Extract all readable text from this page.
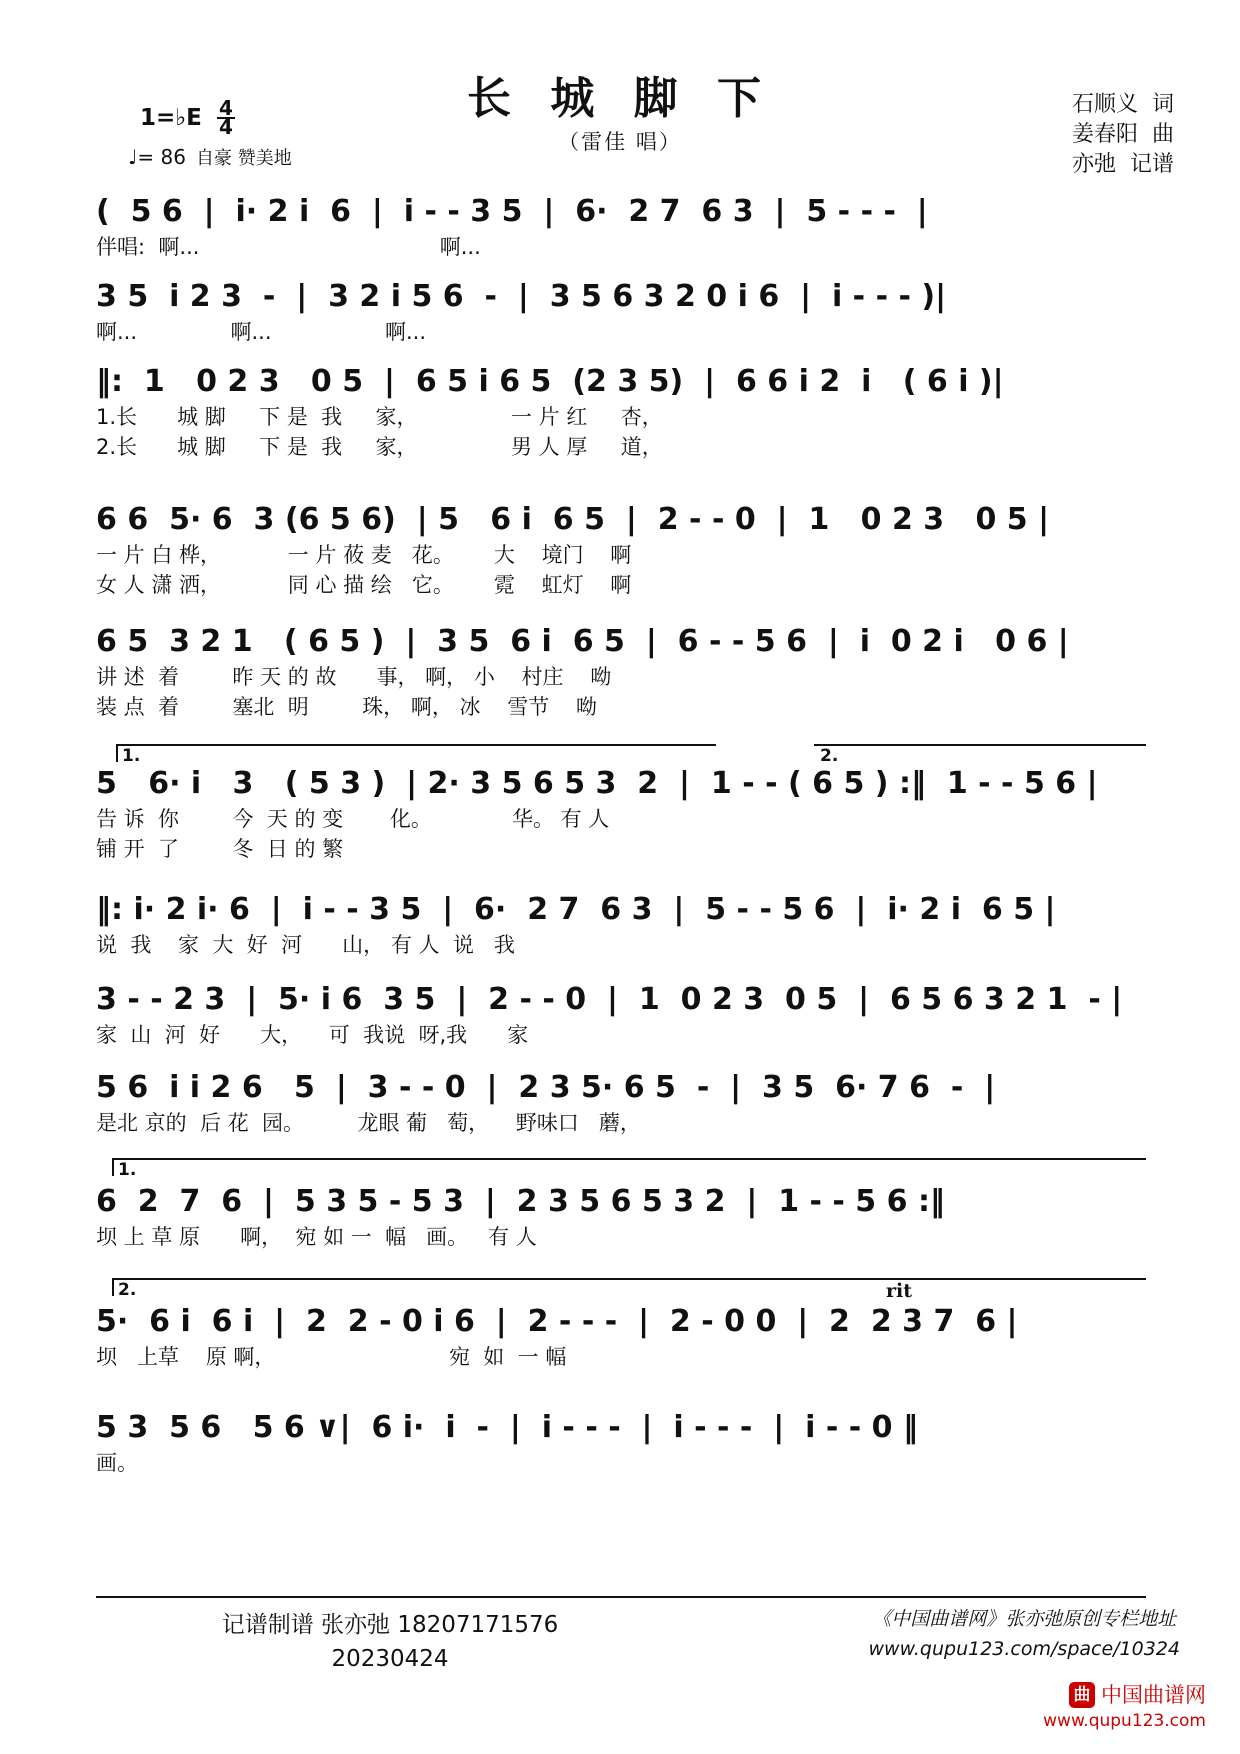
长 城 脚 下
（雷佳 唱）
1=♭E $\frac{4}{4}$
♩= 86 自豪 赞美地
石顺义 词
姜春阳 曲
亦弛 记谱
(  5 6  |  i· 2 i  6  |  i - - 3 5  |  6·  2 7  6 3  |  5 - - -  |
伴唱:  啊...                                    啊...
3 5  i 2 3  -  |  3 2 i 5 6  -  |  3 5 6 3 2 0 i 6  |  i - - - )|
啊...              啊...                 啊...
‖:  1   0 2 3   0 5  |  6 5 i 6 5  (2 3 5)  |  6 6 i 2  i   ( 6 i )|
1.长      城 脚     下 是  我     家，              一 片 红     杏，
2.长      城 脚     下 是  我     家，              男 人 厚     道，
6 6  5· 6  3 (6 5 6)  | 5   6 i  6 5  |  2 - - 0  |  1   0 2 3   0 5 |
一 片 白 桦，          一 片 莜 麦   花。      大    境门    啊
女 人 潇 洒，          同 心 描 绘   它。      霓    虹灯    啊
6 5  3 2 1   ( 6 5 )  |  3 5  6 i  6 5  |  6 - - 5 6  |  i  0 2 i   0 6 |
讲 述  着        昨 天 的 故      事， 啊， 小    村庄    呦
装 点  着        塞北  明        珠， 啊， 冰    雪节    呦
1.	2.
5   6· i   3   ( 5 3 )  | 2· 3 5 6 5 3  2  |  1 - - ( 6 5 ) :‖  1 - - 5 6 |
告 诉  你        今  天 的 变       化。            华。 有 人
铺 开  了        冬  日 的 繁
‖: i· 2 i· 6  |  i - - 3 5  |  6·  2 7  6 3  |  5 - - 5 6  |  i· 2 i  6 5 |
说  我    家  大  好  河      山， 有 人  说   我
3 - - 2 3  |  5· i 6  3 5  |  2 - - 0  |  1  0 2 3  0 5  |  6 5 6 3 2 1  - |
家  山  河  好      大，    可  我说  呀,我      家
5 6  i i 2 6   5  |  3 - - 0  |  2 3 5· 6 5  -  |  3 5  6· 7 6  -  |
是北 京的  后 花  园。        龙眼 葡   萄，    野味口   蘑，
1.
6  2  7  6  |  5 3 5 - 5 3  |  2 3 5 6 5 3 2  |  1 - - 5 6 :‖
坝 上 草 原      啊，  宛 如 一  幅   画。   有 人
2.	rit
5·  6 i  6 i  |  2  2 - 0 i 6  |  2 - - -  |  2 - 0 0  |  2  2 3 7  6 |
坝   上草    原 啊，                          宛  如  一 幅
5 3  5 6   5 6 ∨|  6 i·  i  -  |  i - - -  |  i - - -  |  i - - 0 ‖
画。
记谱制谱 张亦弛 18207171576
20230424
《中国曲谱网》张亦弛原创专栏地址
www.qupu123.com/space/10324
曲 中国曲谱网
www.qupu123.com
